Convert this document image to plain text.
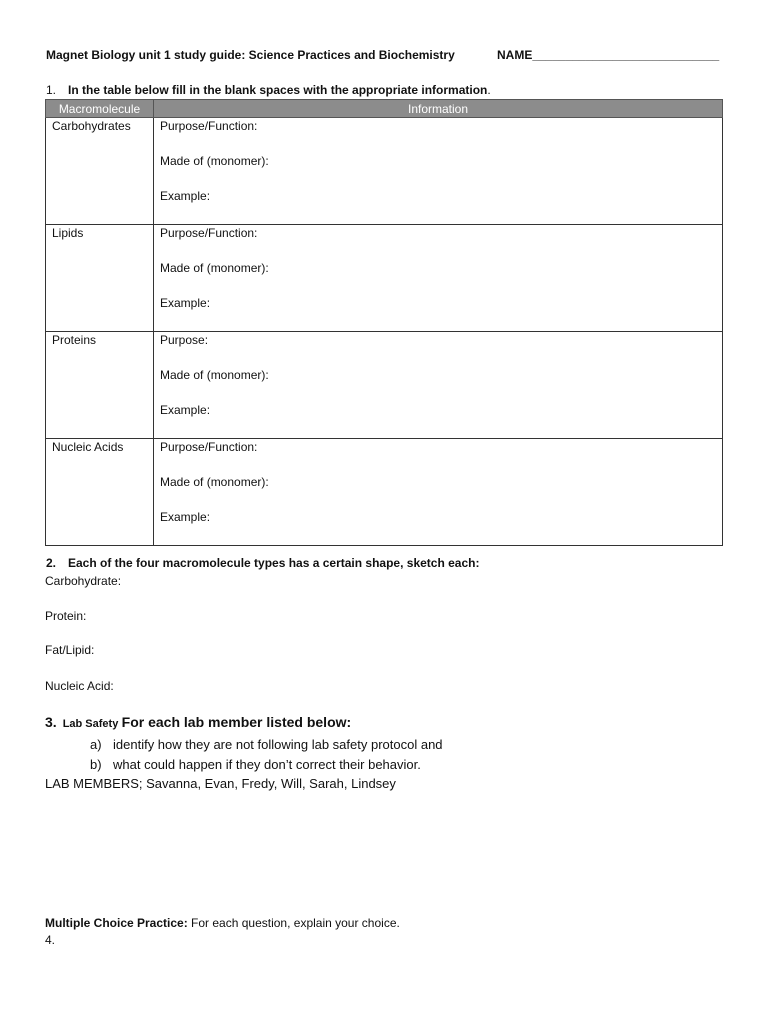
Magnet Biology unit 1 study guide: Science Practices and Biochemistry	NAME____________________________
1. In the table below fill in the blank spaces with the appropriate information.
Macromolecule	Information

Carbohydrates	Purpose/Function:
Made of (monomer):
Example:

Lipids	Purpose/Function:
Made of (monomer):
Example:

Proteins	Purpose:
Made of (monomer):
Example:

Nucleic Acids	Purpose/Function:
Made of (monomer):
Example:
2. Each of the four macromolecule types has a certain shape, sketch each:
Carbohydrate:
Protein:
Fat/Lipid:
Nucleic Acid:
3. Lab Safety For each lab member listed below:
a) identify how they are not following lab safety protocol and
b) what could happen if they don’t correct their behavior.
LAB MEMBERS; Savanna, Evan, Fredy, Will, Sarah, Lindsey
Multiple Choice Practice: For each question, explain your choice.
4.
